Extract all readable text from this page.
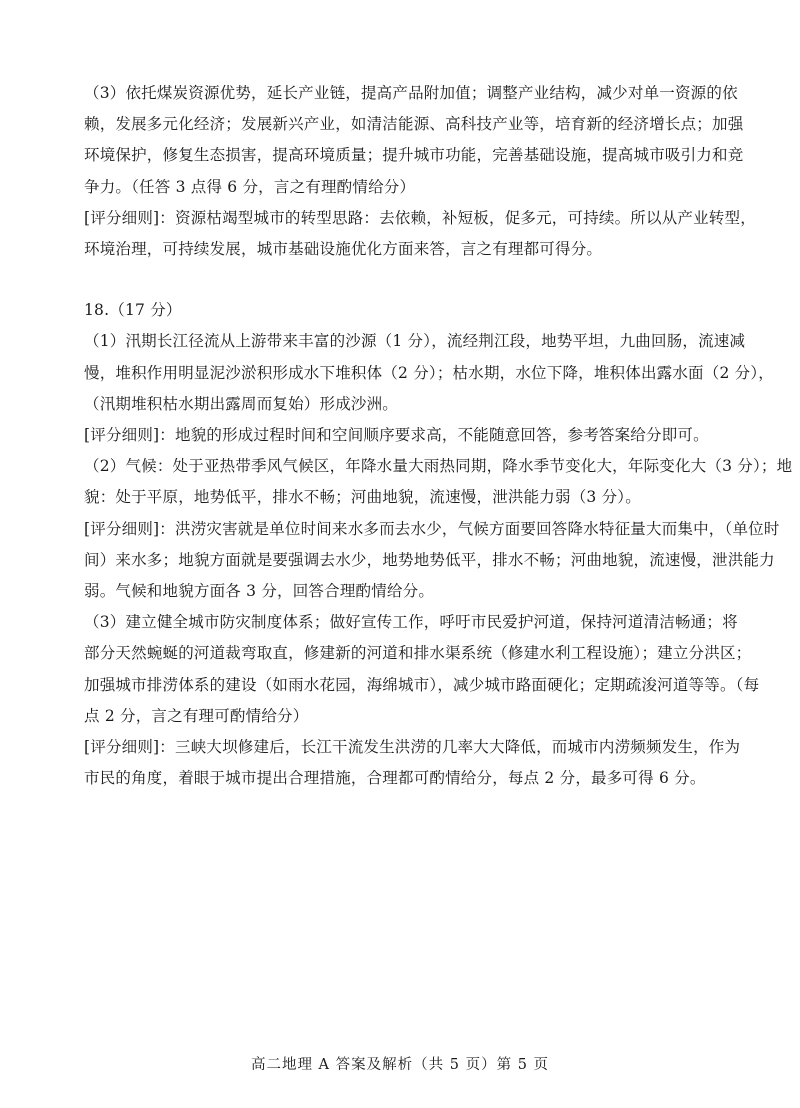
（3）依托煤炭资源优势，延长产业链，提高产品附加值；调整产业结构，减少对单一资源的依
赖，发展多元化经济；发展新兴产业，如清洁能源、高科技产业等，培育新的经济增长点；加强
环境保护，修复生态损害，提高环境质量；提升城市功能，完善基础设施，提高城市吸引力和竞
争力。（任答 3 点得 6 分，言之有理酌情给分）
[评分细则]：资源枯竭型城市的转型思路：去依赖，补短板，促多元，可持续。所以从产业转型，
环境治理，可持续发展，城市基础设施优化方面来答，言之有理都可得分。
18.（17 分）
（1）汛期长江径流从上游带来丰富的沙源（1 分），流经荆江段，地势平坦，九曲回肠，流速减
慢，堆积作用明显泥沙淤积形成水下堆积体（2 分）；枯水期，水位下降，堆积体出露水面（2 分），
（汛期堆积枯水期出露周而复始）形成沙洲。
[评分细则]：地貌的形成过程时间和空间顺序要求高，不能随意回答，参考答案给分即可。
（2）气候：处于亚热带季风气候区，年降水量大雨热同期，降水季节变化大，年际变化大（3 分）；地
貌：处于平原，地势低平，排水不畅；河曲地貌，流速慢，泄洪能力弱（3 分）。
[评分细则]：洪涝灾害就是单位时间来水多而去水少，气候方面要回答降水特征量大而集中，（单位时
间）来水多；地貌方面就是要强调去水少，地势地势低平，排水不畅；河曲地貌，流速慢，泄洪能力
弱。气候和地貌方面各 3 分，回答合理酌情给分。
（3）建立健全城市防灾制度体系；做好宣传工作，呼吁市民爱护河道，保持河道清洁畅通；将
部分天然蜿蜒的河道裁弯取直，修建新的河道和排水渠系统（修建水利工程设施）；建立分洪区；
加强城市排涝体系的建设（如雨水花园，海绵城市），减少城市路面硬化；定期疏浚河道等等。（每
点 2 分，言之有理可酌情给分）
[评分细则]：三峡大坝修建后，长江干流发生洪涝的几率大大降低，而城市内涝频频发生，作为
市民的角度，着眼于城市提出合理措施，合理都可酌情给分，每点 2 分，最多可得 6 分。
高二地理 A 答案及解析（共 5 页）第 5 页
